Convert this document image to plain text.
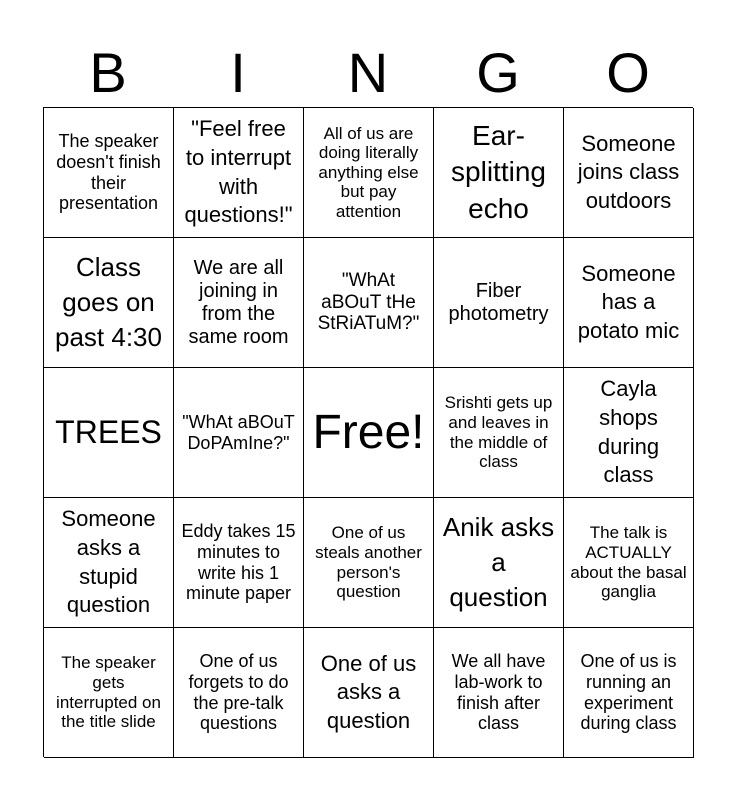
B	I	N	G	O
The speaker doesn't finish their presentation
"Feel free to interrupt with questions!"
All of us are doing literally anything else but pay attention
Ear-splitting echo
Someone joins class outdoors
Class goes on past 4:30
We are all joining in from the same room
"WhAt aBOuT tHe StRiATuM?"
Fiber photometry
Someone has a potato mic
TREES	"WhAt aBOuT DoPAmIne?" Free!
Srishti gets up and leaves in the middle of class
Cayla shops during class
Someone asks a stupid question
Eddy takes 15 minutes to write his 1 minute paper
One of us steals another person's question
Anik asks a question
The talk is ACTUALLY about the basal ganglia
The speaker gets interrupted on the title slide
One of us forgets to do the pre-talk questions
One of us asks a question
We all have lab-work to finish after class
One of us is running an experiment during class
